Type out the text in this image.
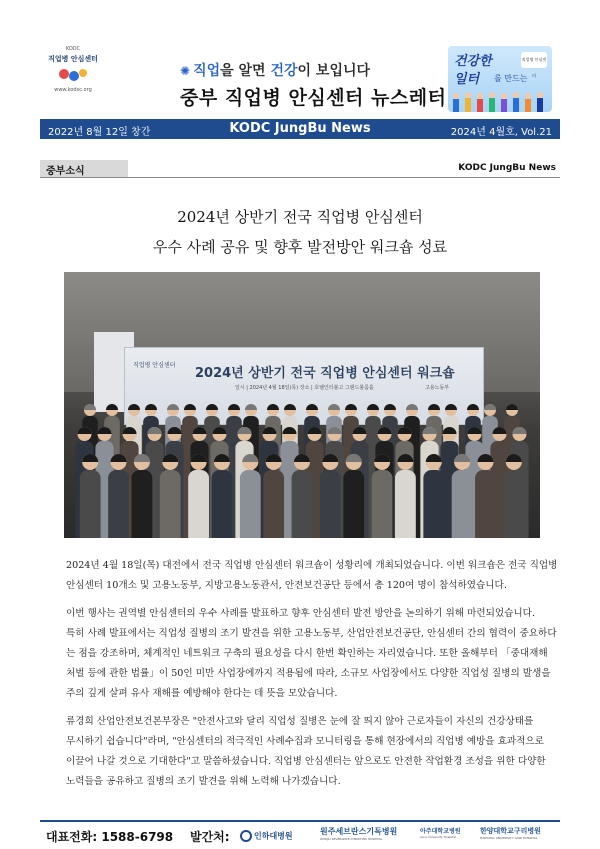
KODC
직업병 안심센터
www.kodsc.org
✺ 직업을 알면 건강이 보입니다
중부 직업병 안심센터 뉴스레터
건강한
일터 를 만드는
직업병 안심센터
2022년 8월 12일 창간	KODC JungBu News	2024년 4월호, Vol.21
중부소식	KODC JungBu News
2024년 상반기 전국 직업병 안심센터
우수 사례 공유 및 향후 발전방안 워크숍 성료
직업병 안심센터
2024년 상반기 전국 직업병 안심센터 워크숍
일시 | 2024년 4월 18일(목) 장소 | 호텔인터불고 그랜드볼룸홀	고용노동부

2024년 4월 18일(목) 대전에서 전국 직업병 안심센터 워크숍이 성황리에 개최되었습니다. 이번 워크숍은 전국 직업병

안심센터 10개소 및 고용노동부, 지방고용노동관서, 안전보건공단 등에서 총 120여 명이 참석하였습니다.

이번 행사는 권역별 안심센터의 우수 사례를 발표하고 향후 안심센터 발전 방안을 논의하기 위해 마련되었습니다.

특히 사례 발표에서는 직업성 질병의 조기 발견을 위한 고용노동부, 산업안전보건공단, 안심센터 간의 협력이 중요하다

는 점을 강조하며, 체계적인 네트워크 구축의 필요성을 다시 한번 확인하는 자리였습니다. 또한 올해부터 「중대재해

처벌 등에 관한 법률」이 50인 미만 사업장에까지 적용됨에 따라, 소규모 사업장에서도 다양한 직업성 질병의 발생을

주의 깊게 살펴 유사 재해를 예방해야 한다는 데 뜻을 모았습니다.

류경희 산업안전보건본부장은 "안전사고와 달리 직업성 질병은 눈에 잘 띄지 않아 근로자들이 자신의 건강상태를

무시하기 쉽습니다"라며, "안심센터의 적극적인 사례수집과 모니터링을 통해 현장에서의 직업병 예방을 효과적으로

이끌어 나갈 것으로 기대한다"고 말씀하셨습니다. 직업병 안심센터는 앞으로도 안전한 작업환경 조성을 위한 다양한

노력들을 공유하고 질병의 조기 발견을 위해 노력해 나가겠습니다.

대표전화: 1588-6798 발간처:	인하대병원	원주세브란스기독병원
WONJU SEVERANCE CHRISTIAN HOSPITAL
아주대학교병원
Ajou University Hospital
한양대학교구리병원
HANYANG UNIVERSITY GURI HOSPITAL
